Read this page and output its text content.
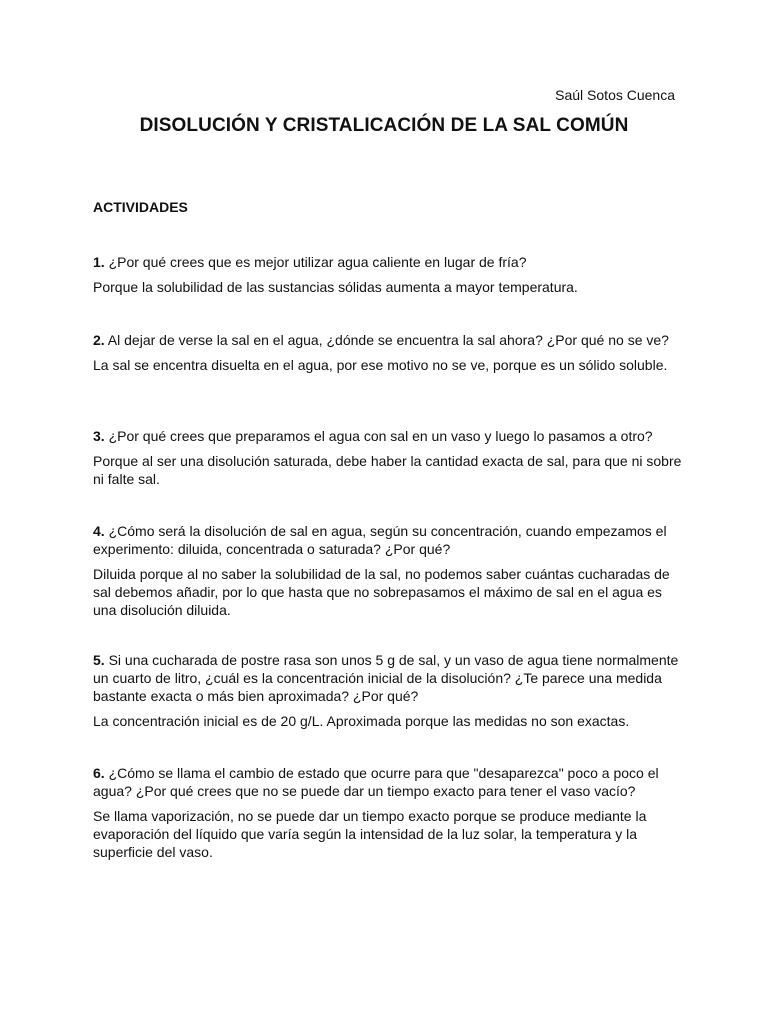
Saúl Sotos Cuenca
DISOLUCIÓN Y CRISTALICACIÓN DE LA SAL COMÚN
ACTIVIDADES

1. ¿Por qué crees que es mejor utilizar agua caliente en lugar de fría?

Porque la solubilidad de las sustancias sólidas aumenta a mayor temperatura.

2. Al dejar de verse la sal en el agua, ¿dónde se encuentra la sal ahora? ¿Por qué no se ve?

La sal se encentra disuelta en el agua, por ese motivo no se ve, porque es un sólido soluble.

3. ¿Por qué crees que preparamos el agua con sal en un vaso y luego lo pasamos a otro?

Porque al ser una disolución saturada, debe haber la cantidad exacta de sal, para que ni sobre ni falte sal.

4. ¿Cómo será la disolución de sal en agua, según su concentración, cuando empezamos el experimento: diluida, concentrada o saturada? ¿Por qué?

Diluida porque al no saber la solubilidad de la sal, no podemos saber cuántas cucharadas de sal debemos añadir, por lo que hasta que no sobrepasamos el máximo de sal en el agua es una disolución diluida.

5. Si una cucharada de postre rasa son unos 5 g de sal, y un vaso de agua tiene normalmente un cuarto de litro, ¿cuál es la concentración inicial de la disolución? ¿Te parece una medida bastante exacta o más bien aproximada? ¿Por qué?

La concentración inicial es de 20 g/L. Aproximada porque las medidas no son exactas.

6. ¿Cómo se llama el cambio de estado que ocurre para que "desaparezca" poco a poco el agua? ¿Por qué crees que no se puede dar un tiempo exacto para tener el vaso vacío?

Se llama vaporización, no se puede dar un tiempo exacto porque se produce mediante la evaporación del líquido que varía según la intensidad de la luz solar, la temperatura y la superficie del vaso.
